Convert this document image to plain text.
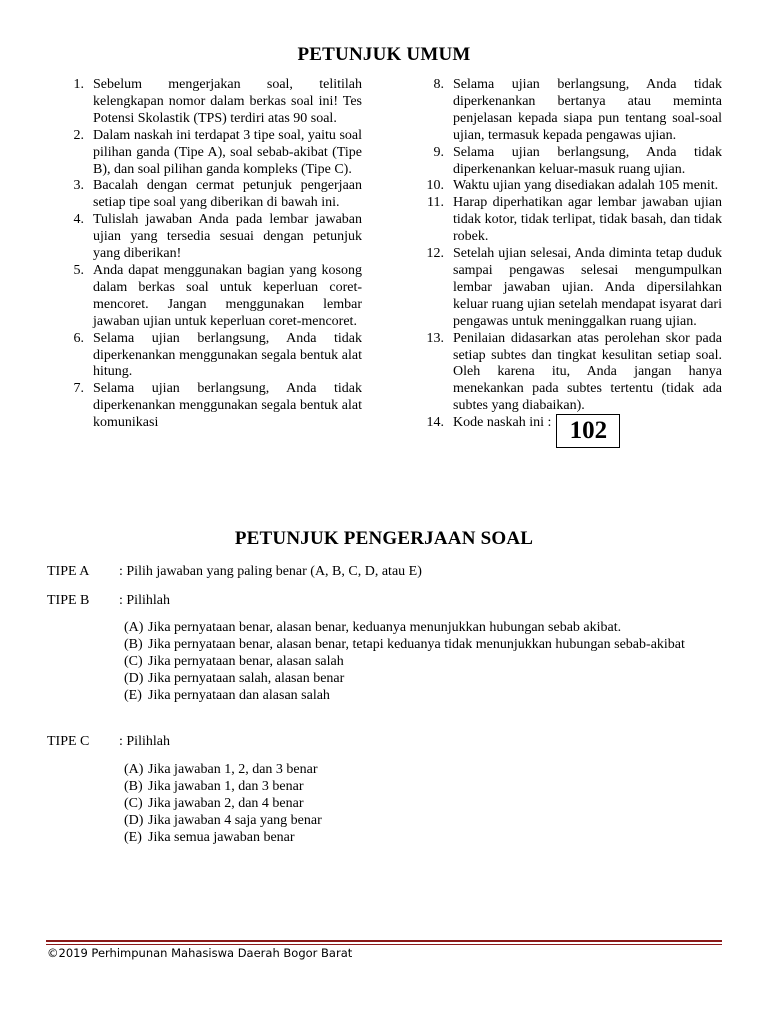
PETUNJUK UMUM
1. Sebelum mengerjakan soal, telitilah kelengkapan nomor dalam berkas soal ini! Tes Potensi Skolastik (TPS) terdiri atas 90 soal.
2. Dalam naskah ini terdapat 3 tipe soal, yaitu soal pilihan ganda (Tipe A), soal sebab-akibat (Tipe B), dan soal pilihan ganda kompleks (Tipe C).
3. Bacalah dengan cermat petunjuk pengerjaan setiap tipe soal yang diberikan di bawah ini.
4. Tulislah jawaban Anda pada lembar jawaban ujian yang tersedia sesuai dengan petunjuk yang diberikan!
5. Anda dapat menggunakan bagian yang kosong dalam berkas soal untuk keperluan coret-mencoret. Jangan menggunakan lembar jawaban ujian untuk keperluan coret-mencoret.
6. Selama ujian berlangsung, Anda tidak diperkenankan menggunakan segala bentuk alat hitung.
7. Selama ujian berlangsung, Anda tidak diperkenankan menggunakan segala bentuk alat komunikasi
8. Selama ujian berlangsung, Anda tidak diperkenankan bertanya atau meminta penjelasan kepada siapa pun tentang soal-soal ujian, termasuk kepada pengawas ujian.
9. Selama ujian berlangsung, Anda tidak diperkenankan keluar-masuk ruang ujian.
10. Waktu ujian yang disediakan adalah 105 menit.
11. Harap diperhatikan agar lembar jawaban ujian tidak kotor, tidak terlipat, tidak basah, dan tidak robek.
12. Setelah ujian selesai, Anda diminta tetap duduk sampai pengawas selesai mengumpulkan lembar jawaban ujian. Anda dipersilahkan keluar ruang ujian setelah mendapat isyarat dari pengawas untuk meninggalkan ruang ujian.
13. Penilaian didasarkan atas perolehan skor pada setiap subtes dan tingkat kesulitan setiap soal. Oleh karena itu, Anda jangan hanya menekankan pada subtes tertentu (tidak ada subtes yang diabaikan).
14. Kode naskah ini : 102
PETUNJUK PENGERJAAN SOAL
TIPE A	: Pilih jawaban yang paling benar (A, B, C, D, atau E)
TIPE B	: Pilihlah
(A) Jika pernyataan benar, alasan benar, keduanya menunjukkan hubungan sebab akibat.
(B) Jika pernyataan benar, alasan benar, tetapi keduanya tidak menunjukkan hubungan sebab-akibat
(C) Jika pernyataan benar, alasan salah
(D) Jika pernyataan salah, alasan benar
(E) Jika pernyataan dan alasan salah
TIPE C	: Pilihlah
(A) Jika jawaban 1, 2, dan 3 benar
(B) Jika jawaban 1, dan 3 benar
(C) Jika jawaban 2, dan 4 benar
(D) Jika jawaban 4 saja yang benar
(E) Jika semua jawaban benar
©2019 Perhimpunan Mahasiswa Daerah Bogor Barat
